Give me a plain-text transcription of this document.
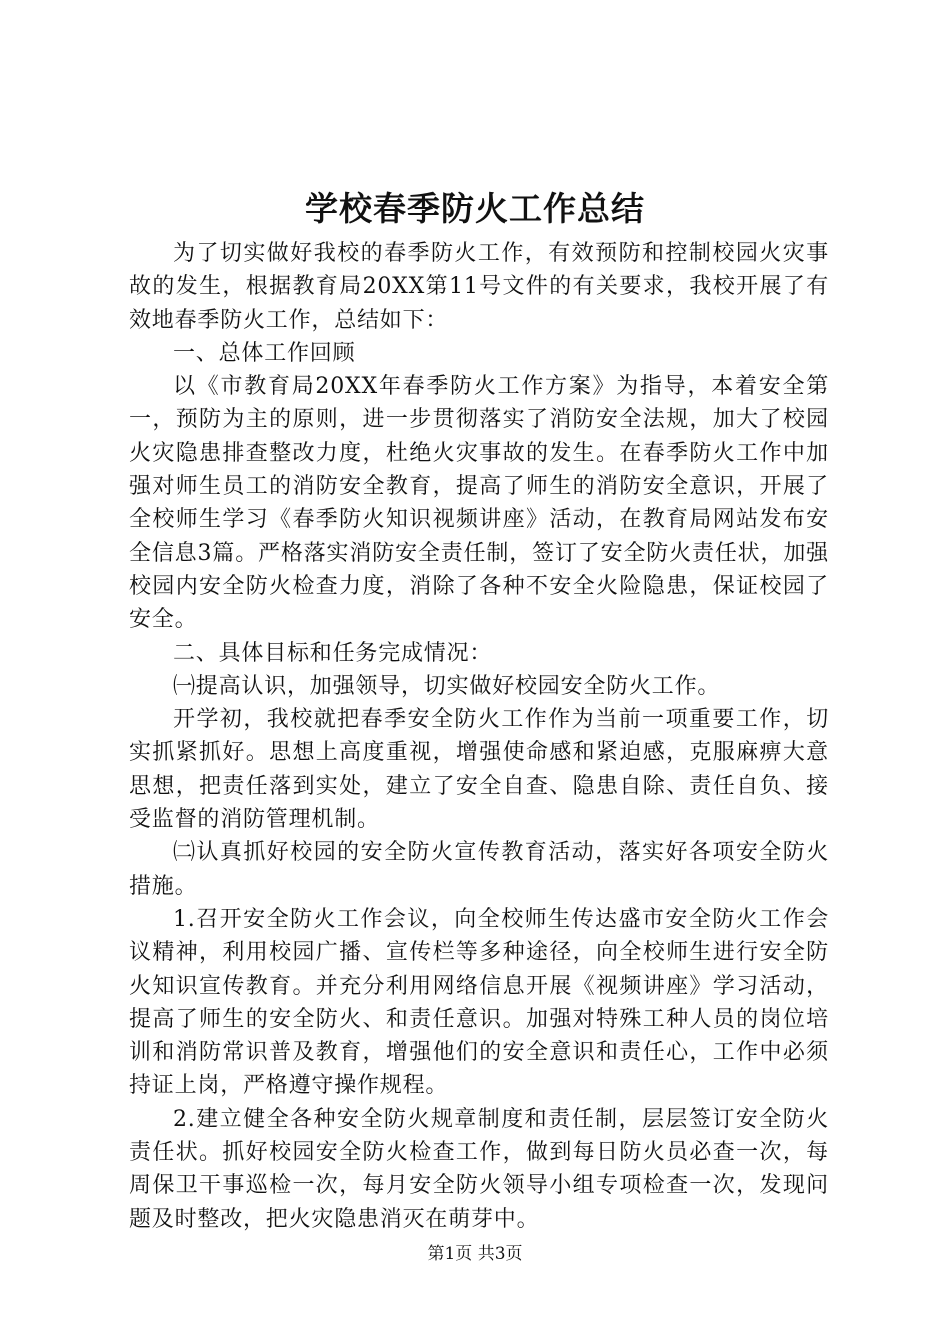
学校春季防火工作总结

为了切实做好我校的春季防火工作，有效预防和控制校园火灾事故的发生，根据教育局20XX第11号文件的有关要求，我校开展了有效地春季防火工作，总结如下：

一、总体工作回顾

以《市教育局20XX年春季防火工作方案》为指导，本着安全第一，预防为主的原则，进一步贯彻落实了消防安全法规，加大了校园火灾隐患排查整改力度，杜绝火灾事故的发生。在春季防火工作中加强对师生员工的消防安全教育，提高了师生的消防安全意识，开展了全校师生学习《春季防火知识视频讲座》活动，在教育局网站发布安全信息3篇。严格落实消防安全责任制，签订了安全防火责任状，加强校园内安全防火检查力度，消除了各种不安全火险隐患，保证校园了安全。

二、具体目标和任务完成情况：

㈠提高认识，加强领导，切实做好校园安全防火工作。

开学初，我校就把春季安全防火工作作为当前一项重要工作，切实抓紧抓好。思想上高度重视，增强使命感和紧迫感，克服麻痹大意思想，把责任落到实处，建立了安全自查、隐患自除、责任自负、接受监督的消防管理机制。

㈡认真抓好校园的安全防火宣传教育活动，落实好各项安全防火措施。

1.召开安全防火工作会议，向全校师生传达盛市安全防火工作会议精神，利用校园广播、宣传栏等多种途径，向全校师生进行安全防火知识宣传教育。并充分利用网络信息开展《视频讲座》学习活动，提高了师生的安全防火、和责任意识。加强对特殊工种人员的岗位培训和消防常识普及教育，增强他们的安全意识和责任心，工作中必须持证上岗，严格遵守操作规程。

2.建立健全各种安全防火规章制度和责任制，层层签订安全防火责任状。抓好校园安全防火检查工作，做到每日防火员必查一次，每周保卫干事巡检一次，每月安全防火领导小组专项检查一次，发现问题及时整改，把火灾隐患消灭在萌芽中。

第1页 共3页
